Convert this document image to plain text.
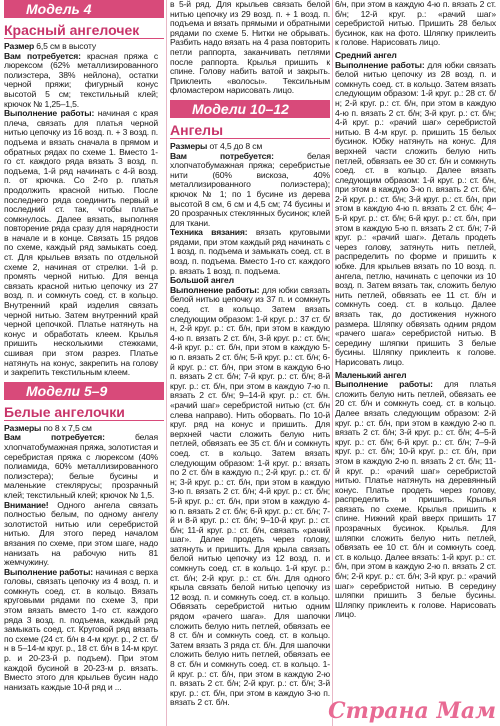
Модель 4
Красный ангелочек
Размер 6,5 см в высоту
Вам потребуется: красная пряжа с люрексом (62% металлизированного полиэстера, 38% нейлона), остатки черной пряжи; фигурный конус высотой 5 см; текстильный клей; крючок № 1,25–1,5.
Выполнение работы: начиная с края плеча, связать для платья черной нитью цепочку из 16 возд. п. + 3 возд. п. подъема и вязать сначала в прямом и обратных рядах по схеме 1. Вместо 1-го ст. каждого ряда вязать 3 возд. п. подъема, 1-й ряд начинать с 4-й возд. п. от крючка. Со 2-го р. платья продолжить красной нитью. После последнего ряда соединить первый и последний ст. так, чтобы платье сомкнулось. Далее вязать, выполняя повторение ряда сразу для нарядности в начале и в конце. Связать 15 рядов по схеме, каждый ряд замыкать соед. ст. Для крыльев вязать по отдельной схеме 2, начиная от стрелки. 1-й р. промять черной нитью. Для венца связать красной нитью цепочку из 27 возд. п. и сомкнуть соед. ст. в кольцо. Внутренний край изделия связать черной нитью. Затем внутренний край черной цепочкой. Платье натянуть на конус и обработать клеем. Крылья пришить несколькими стежками, сшивая при этом разрез. Платье натянуть на конус, закрепить на голову и закрепить текстильным клеем.
Модели 5–9
Белые ангелочки
Размеры по 8 х 7,5 см
Вам потребуется: белая хлопчатобумажная пряжа, золотистая и серебристая пряжа с люрексом (40% полиамида, 60% металлизированного полиэстера); белые бусины и маленькие стеклярусы; прозрачный клей; текстильный клей; крючок № 1,5.
Внимание! Одного ангела связать полностью белым, по одному ангелу золотистой нитью или серебристой нитью. Для этого перед началом вязания по схеме, при этом шаге, надо нанизать на рабочую нить 81 жемчужину.
Выполнение работы: начиная с верха головы, связать цепочку из 4 возд. п. и сомкнуть соед. ст. в кольцо. Вязать круговыми рядами по схеме 3, при этом вязать вместо 1-го ст. каждого ряда 3 возд. п. подъема, каждый ряд замыкать соед. ст. Круговой ряд вязать по схеме (24 ст. б/н в 4-м круг. р., 2 ст. б/н в 5–14-м круг. р., 18 ст. б/н в 14-м круг. р. и 20-23-й р. подъем). При этом каждой бусиной в 20-23-м р. вязать. Вместо этого для крыльев бусин надо нанизать каждые 10-й ряд и ...
в 5-й ряд. Для крыльев связать белой нитью цепочку из 29 возд. п. + 1 возд. п. подъема и вязать прямыми и обратными рядами по схеме 5. Нитки не обрывать. Разбить надо вязать на 4 раза повторить петли раппорта, заканчивать петлями после раппорта. Крылья пришить к спине. Голову набить ватой и закрыть. Приклеить «волосы». Тексильным фломастером нарисовать лицо.
Модели 10–12
Ангелы
Размеры от 4,5 до 8 см
Вам потребуется: белая хлопчатобумажная пряжа; серебристые нити (60% вискоза, 40% металлизированного полиэстера); крючок № 1; по 1 бусине из дерева высотой 8 см, 6 см и 4,5 см; 74 бусины и 20 прозрачных стеклянных бусинок; клей для ткани.
Техника вязания: вязать круговыми рядами, при этом каждый ряд начинать с 1 возд. п. подъема и замыкать соед. ст. в возд. п. подъема. Вместо 1-го ст. каждого р. вязать 1 возд. п. подъема.
Большой ангел
Выполнение работы: для юбки связать белой нитью цепочку из 37 п. и сомкнуть соед. ст. в кольцо. Затем вязать следующим образом: 1-й круг. р.: 37 ст. б/н, 2-й круг. р.: ст. б/н, при этом в каждую 4-ю п. вязать 2 ст. б/н, 3-й круг. р.: ст. б/н; 4-й круг. р.: ст. б/н, при этом в каждую 5-ю п. вязать 2 ст. б/н; 5-й круг. р.: ст. б/н; 6-й круг. р.: ст. б/н, при этом в каждую 6-ю п. вязать 2 ст. б/н; 7-й круг. р.: ст. б/н; 8-й круг. р.: ст. б/н, при этом в каждую 7-ю п. вязать 2 ст. б/н; 9–14-й круг. р.: ст. б/н. «рачий шаг» серебристой нитью (ст. б/н слева направо). Нить оборвать. По 10-й круг. ряд на конус и пришить. Для верхней части сложить белую нить петлей, обвязать ее 35 ст. б/н и сомкнуть соед. ст. в кольцо. Затем вязать следующим образом: 1-й круг. р.: вязать по 2 ст. б/н в каждую п.; 2-й круг. р.: ст. б/н; 3-й круг. р.: ст. б/н, при этом в каждую 3-ю п. вязать 2 ст. б/н; 4-й круг. р.: ст. б/н; 5-й круг. р.: ст. б/н, при этом в каждую 4-ю п. вязать 2 ст. б/н; 6-й круг. р.: ст. б/н; 7-й и 8-й круг. р.: ст. б/н; 9–10-й круг. р.: ст. б/н; 11-й круг. р.: ст. б/н, связать «рачий шаг». Далее продеть через голову, затянуть и пришить. Для крыла связать белой нитью цепочку из 12 возд. п. и сомкнуть соед. ст. в кольцо. 1-й круг. р.: ст. б/н; 2-й круг. р.: ст. б/н. Для одного крыла связать белой нитью цепочку из 12 возд. п. и сомкнуть соед. ст. в кольцо. Обвязать серебристой нитью одним рядом «рачего шага». Для шапочки сложить белую нить петлей, обвязать ее 8 ст. б/н и сомкнуть соед. ст. в кольцо. Затем вязать 3 ряда ст. б/н. Для шапочки сложить белую нить петлей, обвязать ее 8 ст. б/н и сомкнуть соед. ст. в кольцо. 1-й круг. р.: ст. б/н, при этом в каждую 2-ю п. вязать 2 ст. б/н; 2-й круг. р.: ст. б/н; 3-й круг. р.: ст. б/н, при этом в каждую 3-ю п. вязать 2 ст. б/н.
6/н, при этом в каждую 4-ю п. вязать 2 ст. б/н; 12-й круг. р.: «рачий шаг» серебристой нитью. Пришить 28 белых бусинок, как на фото. Шляпку приклеить к голове. Нарисовать лицо.
Средний ангел
Выполнение работы: для юбки связать белой нитью цепочку из 28 возд. п. и сомкнуть соед. ст. в кольцо. Затем вязать следующим образом: 1-й круг. р.: 28 ст. б/н; 2-й круг. р.: ст. б/н, при этом в каждую 4-ю п. вязать 2 ст. б/н; 3-й круг. р.: ст. б/н; 4-й круг. р.: «рачий шаг» серебристой нитью. В 4-м круг. р. пришить 15 белых бусинок. Юбку натянуть на конус. Для верхней части сложить белую нить петлей, обвязать ее 30 ст. б/н и сомкнуть соед. ст. в кольцо. Далее вязать следующим образом: 1-й круг. р.: ст. б/н, при этом в каждую 3-ю п. вязать 2 ст. б/н; 2-й круг. р.: ст. б/н; 3-й круг. р.: ст. б/н, при этом в каждую 4-ю п. вязать 2 ст. б/н; 4–5-й круг. р.: ст. б/н; 6-й круг. р.: ст. б/н, при этом в каждую 5-ю п. вязать 2 ст. б/н; 7-й круг. р.: «рачий шаг». Деталь продеть через голову, затянуть нить петлей, распределить по форме и пришить к юбке. Для крыльев вязать по 10 возд. п. ангела, петлю, начинать с цепочки из 10 возд. п. Затем вязать так, сложить белую нить петлей, обвязать ее 11 ст. б/н и сомкнуть соед. ст. в кольцо. Далее вязать так, до достижения нужного размера. Шляпку обвязать одним рядом «рачего шага» серебристой нитью. В середину шляпки пришить 3 белые бусины. Шляпку приклеить к голове. Нарисовать лицо.
Маленький ангел
Выполнение работы: для платья сложить белую нить петлей, обвязать ее 20 ст. б/н и сомкнуть соед. ст. в кольцо. Далее вязать следующим образом: 2-й круг. р.: ст. б/н, при этом в каждую 2-ю п. вязать 2 ст. б/н; 3-й круг. р.: ст. б/н; 4–5-й круг. р.: ст. б/н; 6-й круг. р.: ст. б/н; 7–9-й круг. р.: ст. б/н; 10-й круг. р.: ст. б/н, при этом в каждую 2-ю п. вязать 2 ст. б/н; 11-й круг. р.: «рачий шаг» серебристой нитью. Платье натянуть на деревянный конус. Платье продеть через голову, распределить и пришить. Крылья связать по схеме. Крылья пришить к спине. Нижний край вверх пришить 17 прозрачных бусинок. Крылья. Для шляпки сложить белую нить петлей, обвязать ее 10 ст. б/н и сомкнуть соед. ст. в кольцо. Далее вязать: 1-й круг. р.: ст. б/н, при этом в каждую 2-ю п. вязать 2 ст. б/н; 2-й круг. р.: ст. б/н; 3-й круг. р.: «рачий шаг» серебристой нитью. В середину шляпки пришить 3 белые бусины. Шляпку приклеить к голове. Нарисовать лицо.
Страна Мам
